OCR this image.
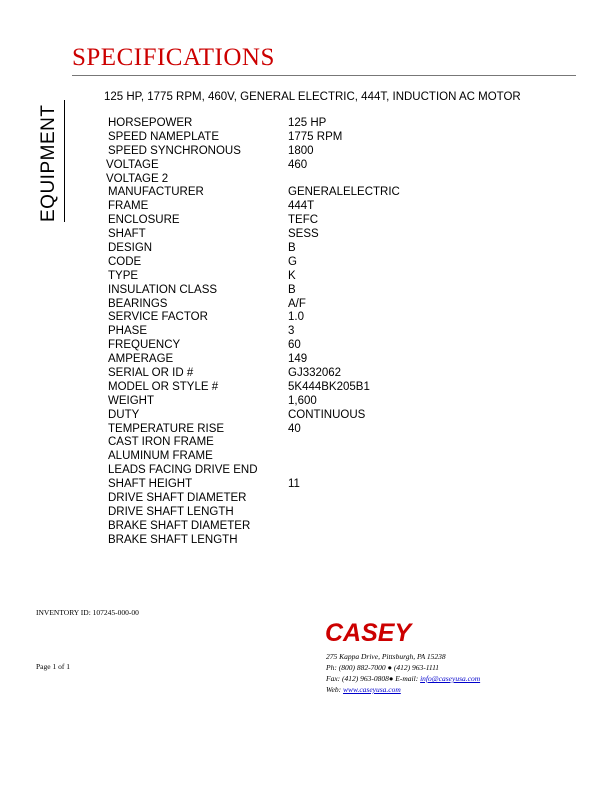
SPECIFICATIONS
EQUIPMENT
125 HP, 1775 RPM, 460V, GENERAL ELECTRIC, 444T, INDUCTION AC MOTOR
HORSEPOWER	125 HP
SPEED NAMEPLATE	1775 RPM
SPEED SYNCHRONOUS	1800
VOLTAGE	460
VOLTAGE 2
MANUFACTURER	GENERALELECTRIC
FRAME	444T
ENCLOSURE	TEFC
SHAFT	SESS
DESIGN	B
CODE	G
TYPE	K
INSULATION CLASS	B
BEARINGS	A/F
SERVICE FACTOR	1.0
PHASE	3
FREQUENCY	60
AMPERAGE	149
SERIAL OR ID #	GJ332062
MODEL OR STYLE #	5K444BK205B1
WEIGHT	1,600
DUTY	CONTINUOUS
TEMPERATURE RISE	40
CAST IRON FRAME
ALUMINUM FRAME
LEADS FACING DRIVE END
SHAFT HEIGHT	11
DRIVE SHAFT DIAMETER
DRIVE SHAFT LENGTH
BRAKE SHAFT DIAMETER
BRAKE SHAFT LENGTH
INVENTORY ID: 107245-000-00
Page 1 of 1
CASEY
275 Kappa Drive, Pittsburgh, PA 15238
Ph: (800) 882-7000 ● (412) 963-1111
Fax: (412) 963-0808● E-mail: info@caseyusa.com
Web: www.caseyusa.com
